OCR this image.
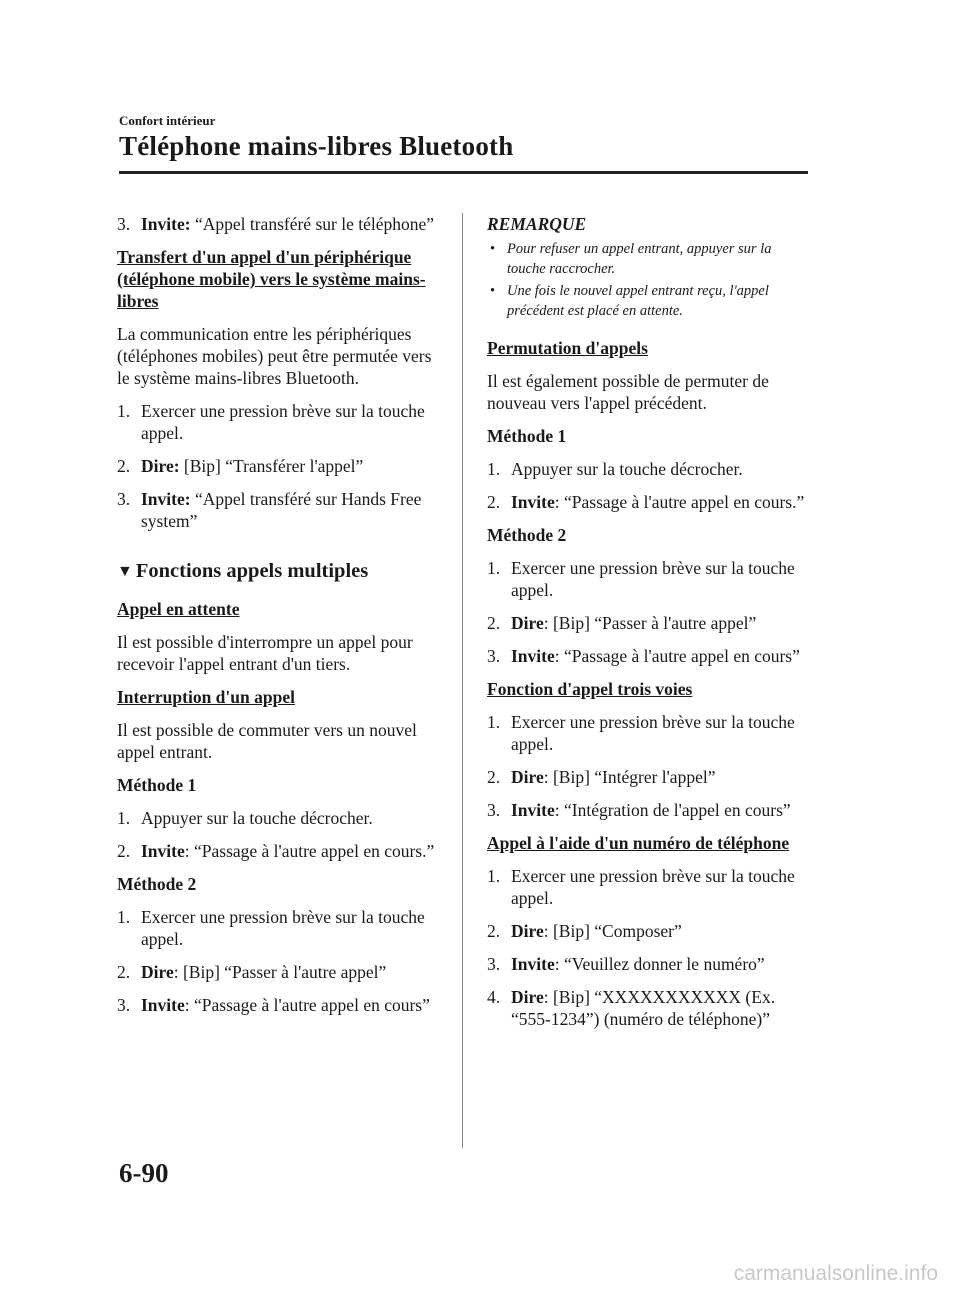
Confort intérieur
Téléphone mains-libres Bluetooth
3. Invite: “Appel transféré sur le téléphone”
Transfert d'un appel d'un périphérique (téléphone mobile) vers le système mains-libres

La communication entre les périphériques (téléphones mobiles) peut être permutée vers le système mains-libres Bluetooth.

1. Exercer une pression brève sur la touche appel.
2. Dire: [Bip] “Transférer l'appel”
3. Invite: “Appel transféré sur Hands Free system”
▼ Fonctions appels multiples
Appel en attente

Il est possible d'interrompre un appel pour recevoir l'appel entrant d'un tiers.

Interruption d'un appel

Il est possible de commuter vers un nouvel appel entrant.

Méthode 1
1. Appuyer sur la touche décrocher.
2. Invite: “Passage à l'autre appel en cours.”
Méthode 2
1. Exercer une pression brève sur la touche appel.
2. Dire: [Bip] “Passer à l'autre appel”
3. Invite: “Passage à l'autre appel en cours”
REMARQUE
• Pour refuser un appel entrant, appuyer sur la touche raccrocher.
• Une fois le nouvel appel entrant reçu, l'appel précédent est placé en attente.
Permutation d'appels

Il est également possible de permuter de nouveau vers l'appel précédent.

Méthode 1
1. Appuyer sur la touche décrocher.
2. Invite: “Passage à l'autre appel en cours.”
Méthode 2
1. Exercer une pression brève sur la touche appel.
2. Dire: [Bip] “Passer à l'autre appel”
3. Invite: “Passage à l'autre appel en cours”
Fonction d'appel trois voies
1. Exercer une pression brève sur la touche appel.
2. Dire: [Bip] “Intégrer l'appel”
3. Invite: “Intégration de l'appel en cours”
Appel à l'aide d'un numéro de téléphone
1. Exercer une pression brève sur la touche appel.
2. Dire: [Bip] “Composer”
3. Invite: “Veuillez donner le numéro”
4. Dire: [Bip] “XXXXXXXXXXX (Ex. “555-1234”) (numéro de téléphone)”
6-90
carmanualsonline.info
